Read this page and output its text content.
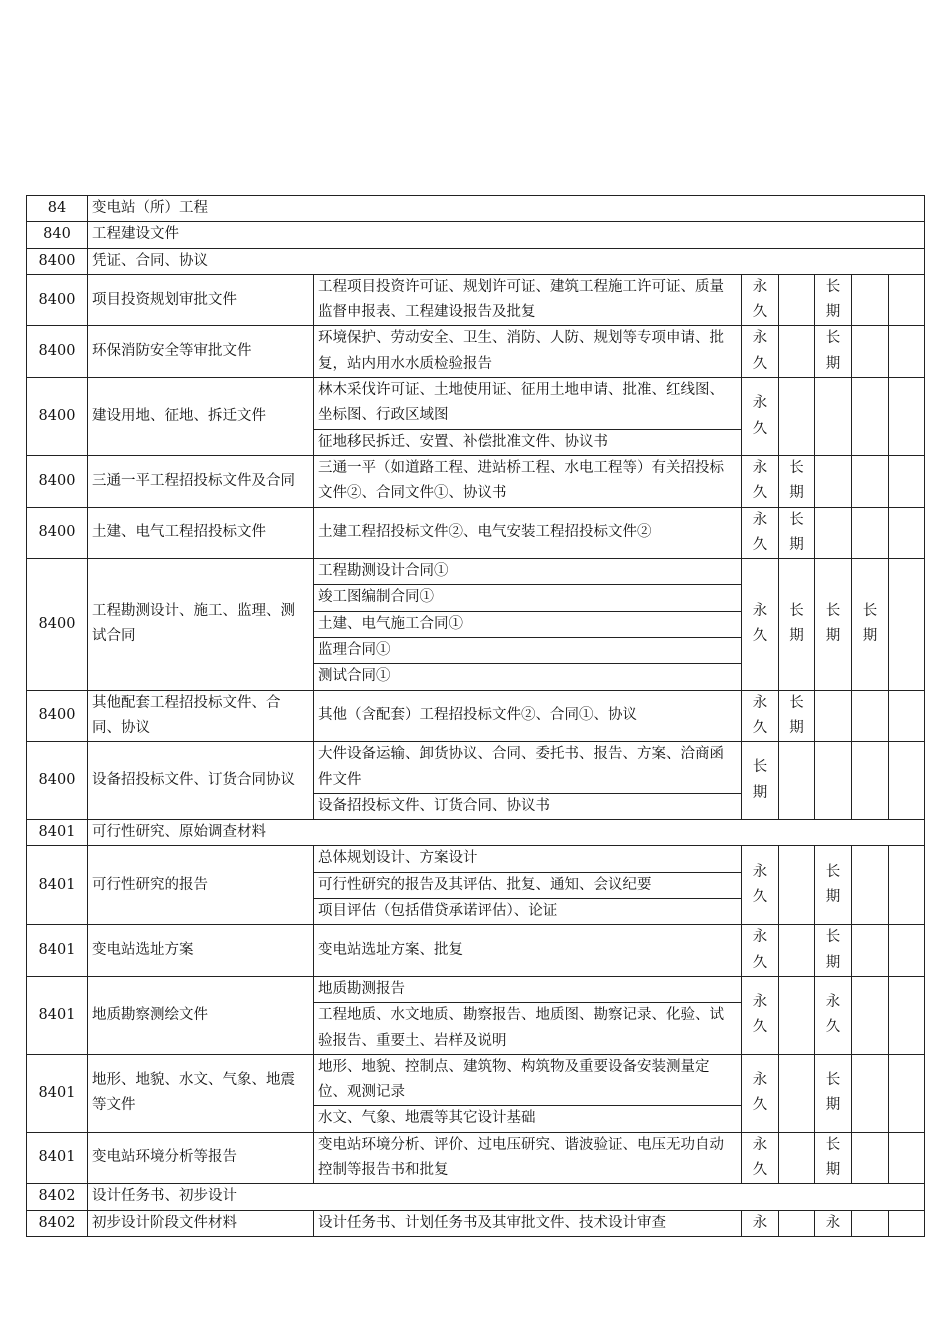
84	变电站（所）工程						
840	工程建设文件						
8400	凭证、合同、协议						
8400	项目投资规划审批文件	工程项目投资许可证、规划许可证、建筑工程施工许可证、质量监督申报表、工程建设报告及批复	永久		长期		
8400	环保消防安全等审批文件	环境保护、劳动安全、卫生、消防、人防、规划等专项申请、批复，站内用水水质检验报告	永久		长期		
8400	建设用地、征地、拆迁文件	林木采伐许可证、土地使用证、征用土地申请、批准、红线图、坐标图、行政区域图	永久				
		征地移民拆迁、安置、补偿批准文件、协议书					
8400	三通一平工程招投标文件及合同	三通一平（如道路工程、进站桥工程、水电工程等）有关招投标文件②、合同文件①、协议书	永久	长期			
8400	土建、电气工程招投标文件	土建工程招投标文件②、电气安装工程招投标文件②	永久	长期			
8400	工程勘测设计、施工、监理、测试合同	工程勘测设计合同①	永久	长期	长期	长期	
		竣工图编制合同①					
		土建、电气施工合同①					
		监理合同①					
		测试合同①					
8400	其他配套工程招投标文件、合同、协议	其他（含配套）工程招投标文件②、合同①、协议	永久	长期			
8400	设备招投标文件、订货合同协议	大件设备运输、卸货协议、合同、委托书、报告、方案、洽商函件文件	长期				
		设备招投标文件、订货合同、协议书					
8401	可行性研究、原始调查材料						
8401	可行性研究的报告	总体规划设计、方案设计	永久		长期		
		可行性研究的报告及其评估、批复、通知、会议纪要					
		项目评估（包括借贷承诺评估）、论证					
8401	变电站选址方案	变电站选址方案、批复	永久		长期		
8401	地质勘察测绘文件	地质勘测报告	永久		永久		
		工程地质、水文地质、勘察报告、地质图、勘察记录、化验、试验报告、重要土、岩样及说明					
8401	地形、地貌、水文、气象、地震等文件	地形、地貌、控制点、建筑物、构筑物及重要设备安装测量定位、观测记录	永久		长期		
		水文、气象、地震等其它设计基础					
8401	变电站环境分析等报告	变电站环境分析、评价、过电压研究、谐波验证、电压无功自动控制等报告书和批复	永久		长期		
8402	设计任务书、初步设计						
8402	初步设计阶段文件材料	设计任务书、计划任务书及其审批文件、技术设计审查	永		永		
